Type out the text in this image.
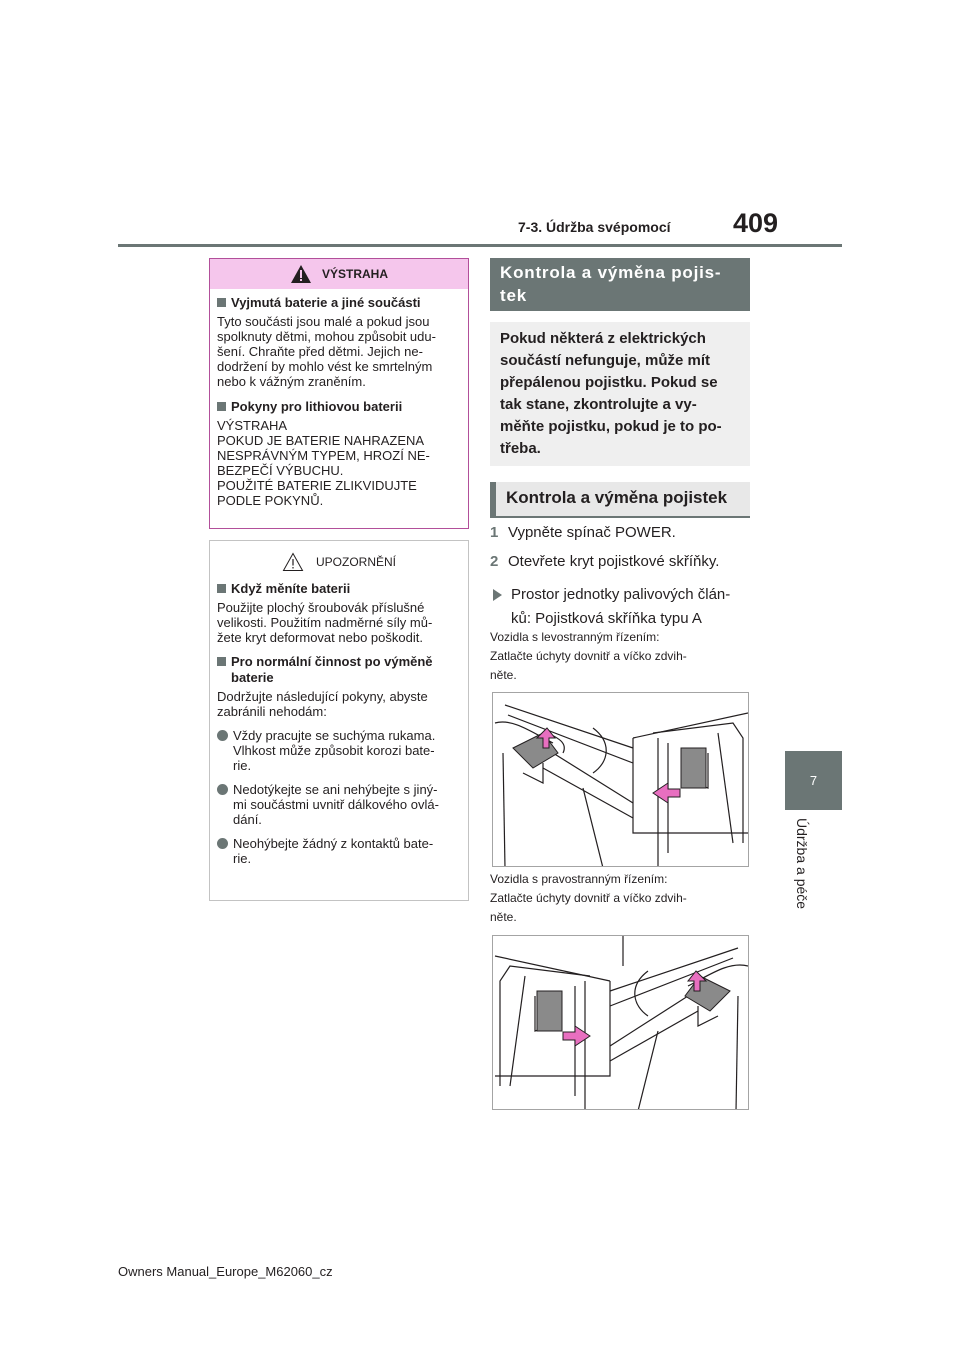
7-3. Údržba svépomocí 409
7
Údržba a péče
VÝSTRAHA
Vyjmutá baterie a jiné součásti
Tyto součásti jsou malé a pokud jsou
spolknuty dětmi, mohou způsobit udu-
šení. Chraňte před dětmi. Jejich ne-
dodržení by mohlo vést ke smrtelným
nebo k vážným zraněním.
Pokyny pro lithiovou baterii
VÝSTRAHA
POKUD JE BATERIE NAHRAZENA
NESPRÁVNÝM TYPEM, HROZÍ NE-
BEZPEČÍ VÝBUCHU.
POUŽITÉ BATERIE ZLIKVIDUJTE
PODLE POKYNŮ.
UPOZORNĚNÍ
Když měníte baterii
Použijte plochý šroubovák příslušné
velikosti. Použitím nadměrné síly mů-
žete kryt deformovat nebo poškodit.
Pro normální činnost po výměně
baterie
Dodržujte následující pokyny, abyste
zabránili nehodám:
Vždy pracujte se suchýma rukama.
Vlhkost může způsobit korozi bate-
rie.
Nedotýkejte se ani nehýbejte s jiný-
mi součástmi uvnitř dálkového ovlá-
dání.
Neohýbejte žádný z kontaktů bate-
rie.
Kontrola a výměna pojis-
tek
Pokud některá z elektrických
součástí nefunguje, může mít
přepálenou pojistku. Pokud se
tak stane, zkontrolujte a vy-
měňte pojistku, pokud je to po-
třeba.
Kontrola a výměna pojistek
1 Vypněte spínač POWER.
2 Otevřete kryt pojistkové skříňky.
Prostor jednotky palivových člán-
ků: Pojistková skříňka typu A
Vozidla s levostranným řízením:
Zatlačte úchyty dovnitř a víčko zdvih-
něte.
Vozidla s pravostranným řízením:
Zatlačte úchyty dovnitř a víčko zdvih-
něte.
Owners Manual_Europe_M62060_cz
